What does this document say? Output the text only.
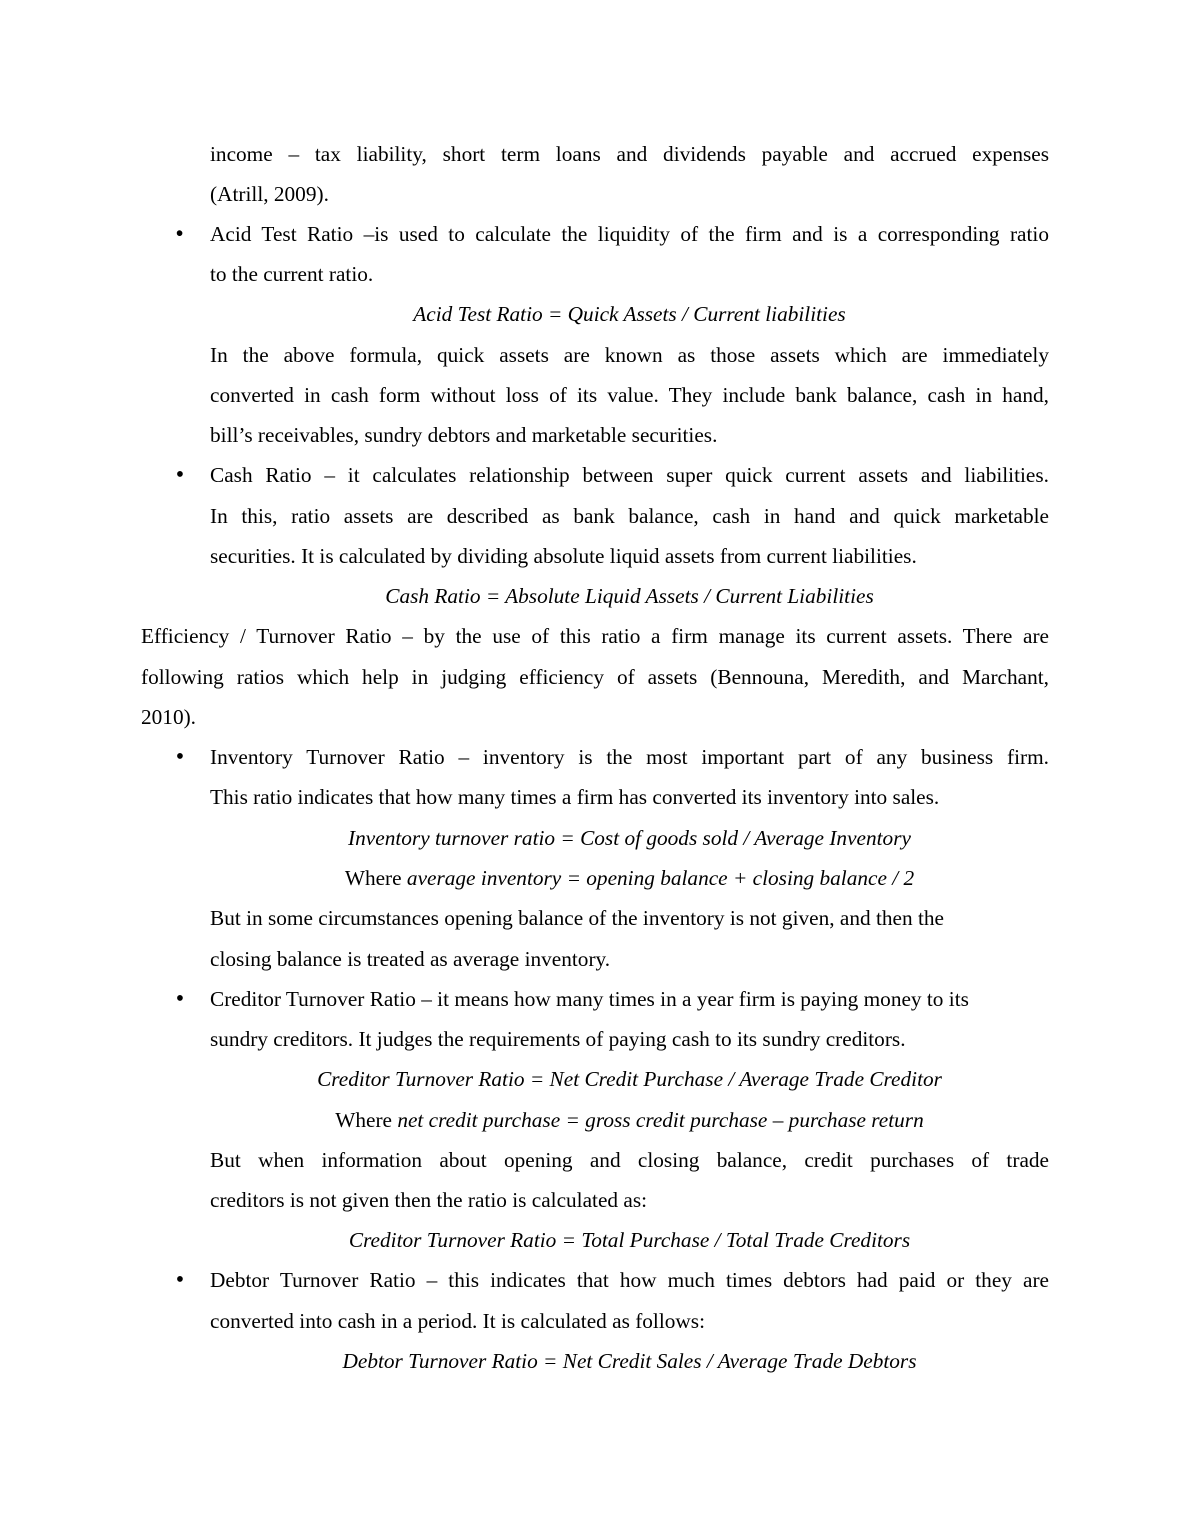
income – tax liability, short term loans and dividends payable and accrued expenses
(Atrill, 2009).
• Acid Test Ratio –is used to calculate the liquidity of the firm and is a corresponding ratio
to the current ratio.
Acid Test Ratio = Quick Assets / Current liabilities
In the above formula, quick assets are known as those assets which are immediately
converted in cash form without loss of its value. They include bank balance, cash in hand,
bill’s receivables, sundry debtors and marketable securities.
• Cash Ratio – it calculates relationship between super quick current assets and liabilities.
In this, ratio assets are described as bank balance, cash in hand and quick marketable
securities. It is calculated by dividing absolute liquid assets from current liabilities.
Cash Ratio = Absolute Liquid Assets / Current Liabilities
Efficiency / Turnover Ratio – by the use of this ratio a firm manage its current assets. There are
following ratios which help in judging efficiency of assets (Bennouna, Meredith, and Marchant,
2010).
• Inventory Turnover Ratio – inventory is the most important part of any business firm.
This ratio indicates that how many times a firm has converted its inventory into sales.
Inventory turnover ratio = Cost of goods sold / Average Inventory
Where average inventory = opening balance + closing balance / 2
But in some circumstances opening balance of the inventory is not given, and then the
closing balance is treated as average inventory.
• Creditor Turnover Ratio – it means how many times in a year firm is paying money to its
sundry creditors. It judges the requirements of paying cash to its sundry creditors.
Creditor Turnover Ratio = Net Credit Purchase / Average Trade Creditor
Where net credit purchase = gross credit purchase – purchase return
But when information about opening and closing balance, credit purchases of trade
creditors is not given then the ratio is calculated as:
Creditor Turnover Ratio = Total Purchase / Total Trade Creditors
• Debtor Turnover Ratio – this indicates that how much times debtors had paid or they are
converted into cash in a period. It is calculated as follows:
Debtor Turnover Ratio = Net Credit Sales / Average Trade Debtors
